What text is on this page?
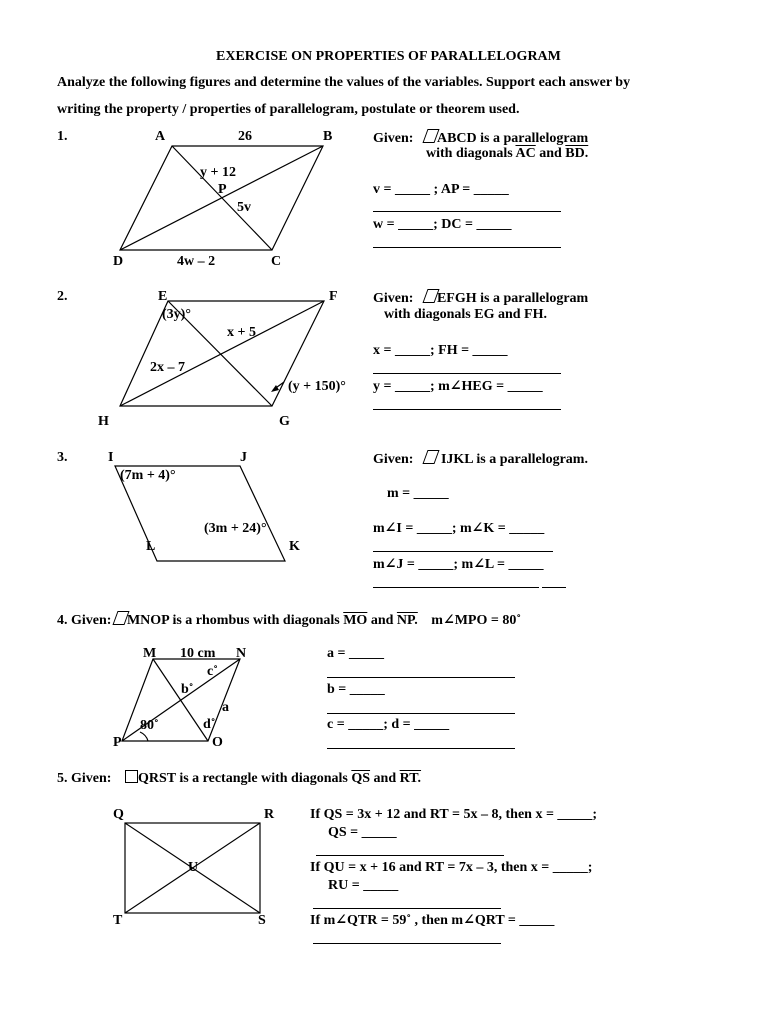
EXERCISE ON PROPERTIES OF PARALLELOGRAM
Analyze the following figures and determine the values of the variables. Support each answer by
writing the property / properties of parallelogram, postulate or theorem used.
1.	A	26	B
y + 12
P
5v
D	4w – 2	C
Given: ABCD is a parallelogram
with diagonals $\overline{AC}$ and BD.
v = _____ ; AP = _____
w = _____; DC = _____
2.	E	F
(3y)°
x + 5
2x – 7
(y + 150)°
H	G
Given: EFGH is a parallelogram
with diagonals EG and FH.
x = _____; FH = _____
y = _____; m∠HEG = _____
3.	I	J
(7m + 4)°
(3m + 24)°
L	K
Given: IJKL is a parallelogram.
m = _____
m∠I = _____; m∠K = _____
m∠J = _____; m∠L = _____
4. Given: MNOP is a rhombus with diagonals $\overline{MO}$ and NP. m∠MPO = 80˚
M 10 cm N
c˚
b˚
a
80˚	d˚
P	O
a = _____
b = _____
c = _____; d = _____
5. Given: QRST is a rectangle with diagonals $\overline{QS}$ and RT.
Q	R
U
T	S
If QS = 3x + 12 and RT = 5x – 8, then x = _____;
QS = _____
If QU = x + 16 and RT = 7x – 3, then x = _____;
RU = _____
If m∠QTR = 59˚ , then m∠QRT = _____
